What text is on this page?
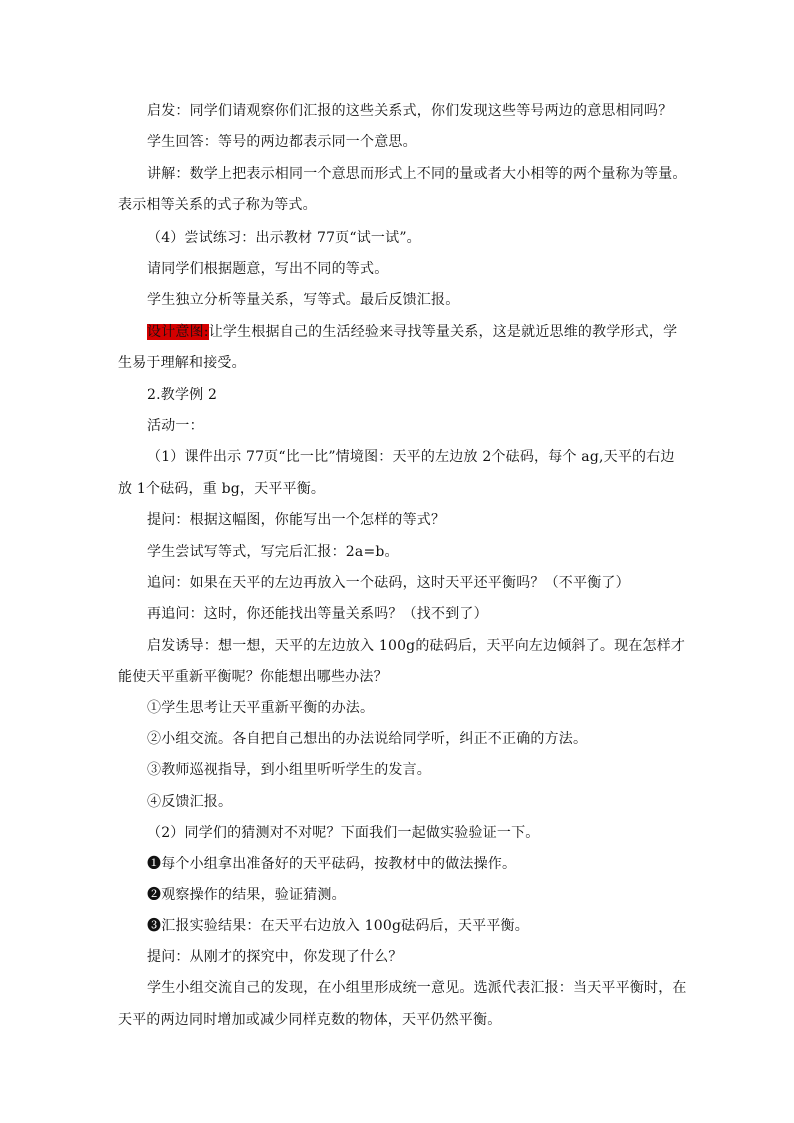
启发：同学们请观察你们汇报的这些关系式，你们发现这些等号两边的意思相同吗？
学生回答：等号的两边都表示同一个意思。
讲解：数学上把表示相同一个意思而形式上不同的量或者大小相等的两个量称为等量。
表示相等关系的式子称为等式。
（4）尝试练习：出示教材 77页“试一试”。
请同学们根据题意，写出不同的等式。
学生独立分析等量关系，写等式。最后反馈汇报。
设计意图:让学生根据自己的生活经验来寻找等量关系，这是就近思维的教学形式，学
生易于理解和接受。
2.教学例 2
活动一：
（1）课件出示 77页“比一比”情境图：天平的左边放 2个砝码，每个 ag,天平的右边
放 1个砝码，重 bg，天平平衡。
提问：根据这幅图，你能写出一个怎样的等式？
学生尝试写等式，写完后汇报：2a=b。
追问：如果在天平的左边再放入一个砝码，这时天平还平衡吗？（不平衡了）
再追问：这时，你还能找出等量关系吗？（找不到了）
启发诱导：想一想，天平的左边放入 100g的砝码后，天平向左边倾斜了。现在怎样才
能使天平重新平衡呢？你能想出哪些办法？
①学生思考让天平重新平衡的办法。
②小组交流。各自把自己想出的办法说给同学听，纠正不正确的方法。
③教师巡视指导，到小组里听听学生的发言。
④反馈汇报。
（2）同学们的猜测对不对呢？下面我们一起做实验验证一下。
❶每个小组拿出准备好的天平砝码，按教材中的做法操作。
❷观察操作的结果，验证猜测。
❸汇报实验结果：在天平右边放入 100g砝码后，天平平衡。
提问：从刚才的探究中，你发现了什么？
学生小组交流自己的发现，在小组里形成统一意见。选派代表汇报：当天平平衡时，在
天平的两边同时增加或减少同样克数的物体，天平仍然平衡。
